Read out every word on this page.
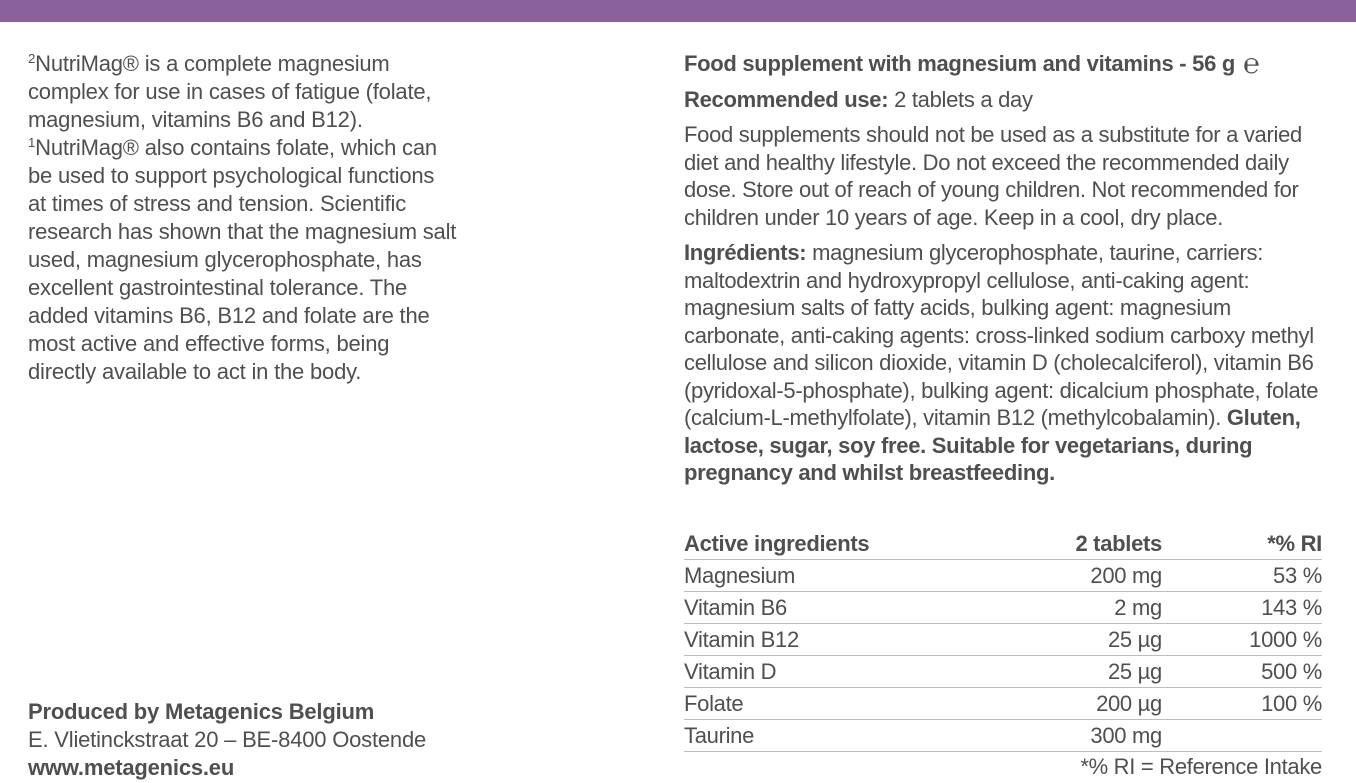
$^2$NutriMag® is a complete magnesium complex for use in cases of fatigue (folate, magnesium, vitamins B6 and B12).

$^1$NutriMag® also contains folate, which can be used to support psychological functions at times of stress and tension. Scientific research has shown that the magnesium salt used, magnesium glycerophosphate, has excellent gastrointestinal tolerance. The added vitamins B6, B12 and folate are the most active and effective forms, being directly available to act in the body.

Produced by Metagenics Belgium
E. Vlietinckstraat 20 – BE-8400 Oostende
www.metagenics.eu
Food supplement with magnesium and vitamins - 56 g ℮

Recommended use: 2 tablets a day

Food supplements should not be used as a substitute for a varied diet and healthy lifestyle. Do not exceed the recommended daily dose. Store out of reach of young children. Not recommended for children under 10 years of age. Keep in a cool, dry place.

Ingrédients: magnesium glycerophosphate, taurine, carriers: maltodextrin and hydroxypropyl cellulose, anti-caking agent: magnesium salts of fatty acids, bulking agent: magnesium carbonate, anti-caking agents: cross-linked sodium carboxy methyl cellulose and silicon dioxide, vitamin D (cholecalciferol), vitamin B6 (pyridoxal-5-phosphate), bulking agent: dicalcium phosphate, folate (calcium-L-methylfolate), vitamin B12 (methylcobalamin). Gluten, lactose, sugar, soy free. Suitable for vegetarians, during pregnancy and whilst breastfeeding.

Active ingredients	2 tablets	*% RI
Magnesium	200 mg	53 %
Vitamin B6	2 mg	143 %
Vitamin B12	25 µg	1000 %
Vitamin D	25 µg	500 %
Folate	200 µg	100 %
Taurine	300 mg	
*% RI = Reference Intake
